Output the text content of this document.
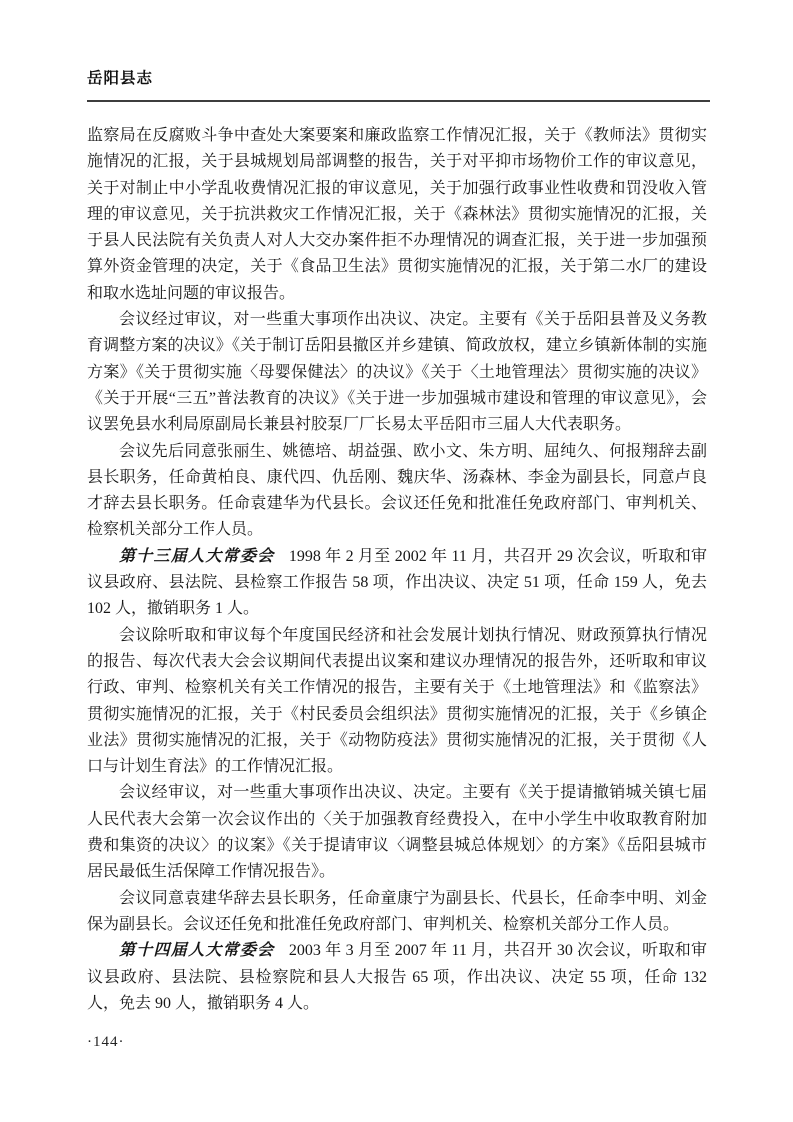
岳阳县志

监察局在反腐败斗争中查处大案要案和廉政监察工作情况汇报，关于《教师法》贯彻实施情况的汇报，关于县城规划局部调整的报告，关于对平抑市场物价工作的审议意见，关于对制止中小学乱收费情况汇报的审议意见，关于加强行政事业性收费和罚没收入管理的审议意见，关于抗洪救灾工作情况汇报，关于《森林法》贯彻实施情况的汇报，关于县人民法院有关负责人对人大交办案件拒不办理情况的调查汇报，关于进一步加强预算外资金管理的决定，关于《食品卫生法》贯彻实施情况的汇报，关于第二水厂的建设和取水选址问题的审议报告。

会议经过审议，对一些重大事项作出决议、决定。主要有《关于岳阳县普及义务教育调整方案的决议》《关于制订岳阳县撤区并乡建镇、简政放权，建立乡镇新体制的实施方案》《关于贯彻实施〈母婴保健法〉的决议》《关于〈土地管理法〉贯彻实施的决议》《关于开展“三五”普法教育的决议》《关于进一步加强城市建设和管理的审议意见》，会议罢免县水利局原副局长兼县衬胶泵厂厂长易太平岳阳市三届人大代表职务。

会议先后同意张丽生、姚德培、胡益强、欧小文、朱方明、屈纯久、何报翔辞去副县长职务，任命黄柏良、康代四、仇岳刚、魏庆华、汤森林、李金为副县长，同意卢良才辞去县长职务。任命袁建华为代县长。会议还任免和批准任免政府部门、审判机关、检察机关部分工作人员。

第十三届人大常委会 1998 年 2 月至 2002 年 11 月，共召开 29 次会议，听取和审议县政府、县法院、县检察工作报告 58 项，作出决议、决定 51 项，任命 159 人，免去 102 人，撤销职务 1 人。

会议除听取和审议每个年度国民经济和社会发展计划执行情况、财政预算执行情况的报告、每次代表大会会议期间代表提出议案和建议办理情况的报告外，还听取和审议行政、审判、检察机关有关工作情况的报告，主要有关于《土地管理法》和《监察法》贯彻实施情况的汇报，关于《村民委员会组织法》贯彻实施情况的汇报，关于《乡镇企业法》贯彻实施情况的汇报，关于《动物防疫法》贯彻实施情况的汇报，关于贯彻《人口与计划生育法》的工作情况汇报。

会议经审议，对一些重大事项作出决议、决定。主要有《关于提请撤销城关镇七届人民代表大会第一次会议作出的〈关于加强教育经费投入，在中小学生中收取教育附加费和集资的决议〉的议案》《关于提请审议〈调整县城总体规划〉的方案》《岳阳县城市居民最低生活保障工作情况报告》。

会议同意袁建华辞去县长职务，任命童康宁为副县长、代县长，任命李中明、刘金保为副县长。会议还任免和批准任免政府部门、审判机关、检察机关部分工作人员。

第十四届人大常委会 2003 年 3 月至 2007 年 11 月，共召开 30 次会议，听取和审议县政府、县法院、县检察院和县人大报告 65 项，作出决议、决定 55 项，任命 132 人，免去 90 人，撤销职务 4 人。

·144·
